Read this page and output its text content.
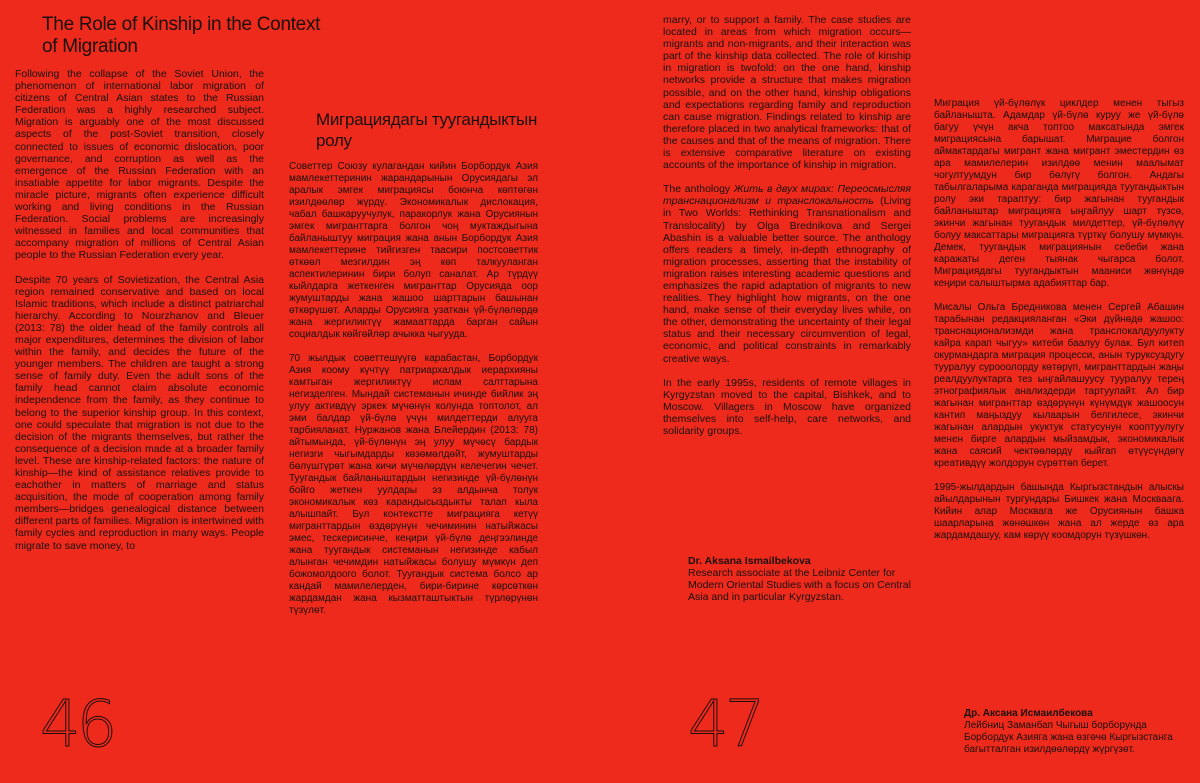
The Role of Kinship in the Context of Migration
Миграциядагы туугандыктын ролу

Following the collapse of the Soviet Union, the phenomenon of international labor migration of citizens of Central Asian states to the Russian Federation was a highly researched subject. Migration is arguably one of the most discussed aspects of the post-Soviet transition, closely connected to issues of economic dislocation, poor governance, and corruption as well as the emergence of the Russian Federation with an insatiable appetite for labor migrants. Despite the miracle picture, migrants often experience difficult working and living conditions in the Russian Federation. Social problems are increasingly witnessed in families and local communities that accompany migration of millions of Central Asian people to the Russian Federation every year.

Despite 70 years of Sovietization, the Central Asia region remained conservative and based on local Islamic traditions, which include a distinct patriarchal hierarchy. According to Nourzhanov and Bleuer (2013: 78) the older head of the family controls all major expenditures, determines the division of labor within the family, and decides the future of the younger members. The children are taught a strong sense of family duty. Even the adult sons of the family head cannot claim absolute economic independence from the family, as they continue to belong to the superior kinship group. In this context, one could speculate that migration is not due to the decision of the migrants themselves, but rather the consequence of a decision made at a broader family level. These are kinship-related factors: the nature of kinship—the kind of assistance relatives provide to eachother in matters of marriage and status acquisition, the mode of cooperation among family members—bridges genealogical distance between different parts of families. Migration is intertwined with family cycles and reproduction in many ways. People migrate to save money, to

Советтер Союзу кулагандан кийин Борбордук Азия мамлекеттеринин жарандарынын Орусиядагы эл аралык эмгек миграциясы боюнча көптөгөн изилдөөлөр жүрдү. Экономикалык дислокация, чабал башкаруучулук, паракорлук жана Орусиянын эмгек мигранттарга болгон чоң муктаждыгына байланыштуу миграция жана анын Борбордук Азия мамлекеттерине тийгизген таасири постсоветтик өткөөл мезгилдин эң көп талкууланган аспектилеринин бири болуп саналат. Ар түрдүү кыйлдарга жеткенген мигранттар Орусияда оор жумуштарды жана жашоо шарттарын башынан өткөрүшөт. Аларды Орусияга узаткан үй-бүлөлөрдө жана жергиликтүү жамааттарда барган сайын социалдык көйгөйлөр ачыкка чыгууда.

70 жылдык советтешүүгө карабастан, Борбордук Азия коому күчтүү патриархалдык иерархияны камтыган жергиликтүү ислам салттарына негизделген. Мындай системанын ичинде бийлик эң улуу активдүү эркек мүчөнүн колунда топтолот, ал эми балдар үй-бүлө үчүн милдеттерди алууга тарбияланат. Нуржанов жана Блейердин (2013: 78) айтымында, үй-бүлөнүн эң улуу мүчөсү бардык негизги чыгымдарды көзөмөлдөйт, жумуштарды бөлүштүрөт жана кичи мүчөлөрдүн келечегин чечет. Туугандык байланыштардын негизинде үй-бүлөнүн бойго жеткен уулдары эз алдынча толук экономикалык көз карандысыздыкты талап кыла алышпайт. Бул контекстте миграцияга кетүү мигранттардын өздөрүнүн чечиминин натыйжасы эмес, тескерисинче, кеңири үй-бүлө деңгээлинде жана туугандык системанын негизинде кабыл алынган чечимдин натыйжасы болушу мүмкүн деп божомолдоого болот. Туугандык система болсо ар кандай мамилелерден, бири-бирине көрсөткөн жардамдан жана кызматташтыктын түрлөрүнөн түзүлөт.

46

marry, or to support a family. The case studies are located in areas from which migration occurs—migrants and non-migrants, and their interaction was part of the kinship data collected. The role of kinship in migration is twofold: on the one hand, kinship networks provide a structure that makes migration possible, and on the other hand, kinship obligations and expectations regarding family and reproduction can cause migration. Findings related to kinship are therefore placed in two analytical frameworks: that of the causes and that of the means of migration. There is extensive comparative literature on existing accounts of the importance of kinship in migration.

The anthology Жить в двух мирах: Переосмысляя транснационализм и транслокальность (Living in Two Worlds: Rethinking Transnationalism and Translocality) by Olga Brednikova and Sergei Abashin is a valuable better source. The anthology offers readers a timely, in-depth ethnography of migration processes, asserting that the instability of migration raises interesting academic questions and emphasizes the rapid adaptation of migrants to new realities. They highlight how migrants, on the one hand, make sense of their everyday lives while, on the other, demonstrating the uncertainty of their legal status and their necessary circumvention of legal, economic, and political constraints in remarkably creative ways.

In the early 1995s, residents of remote villages in Kyrgyzstan moved to the capital, Bishkek, and to Moscow. Villagers in Moscow have organized themselves into self-help, care networks, and solidarity groups.

Dr. Aksana Ismailbekova
Research associate at the Leibniz Center for Modern Oriental Studies with a focus on Central Asia and in particular Kyrgyzstan.

Миграция үй-бүлөлүк циклдер менен тыгыз байланышта. Адамдар үй-бүлө куруу же үй-бүлө багуу үчүн акча топтоо максатында эмгек миграциясына барышат. Миграцие болгон аймактардагы мигрант жана мигрант эместердин өз ара мамилелерин изилдөө менин маалымат чогултуумдун бир бөлүгү болгон. Андагы табылгаларыма караганда миграцияда туугандыктын ролу эки тараптуу: бир жагынан туугандык байланыштар миграцияга ыңгайлуу шарт түзсө, экинчи жагынан туугандык милдеттер, үй-бүлөлүү болуу максаттары миграцияга түрткү болушу мүмкүн. Демек, туугандык миграциянын себеби жана каражаты деген тыянак чыгарса болот. Миграциядагы туугандыктын мааниси жөнүндө кеңири салыштырма адабияттар бар.

Мисалы Ольга Бредникова менен Сергей Абашин тарабынан редакцияланган «Эки дүйнөдө жашоо: транснационализмди жана транслокалдуулукту кайра карап чыгуу» китеби баалуу булак. Бул китеп окурмандарга миграция процесси, анын туруксуздугу тууралуу сурооолорду көтөрүп, мигранттардын жаңы реалдуулуктарга тез ыңгайлашуусу тууралуу терең этнографиялык анализдерди тартуулайт. Ал бир жагынан мигранттар өздөрүнүн күнүмдүк жашоосун кантип маңыздуу кылаарын белгилесе, экинчи жагынан алардын укуктук статусунун кооптуулугу менен бирге алардын мыйзамдык, экономикалык жана саясий чектөөлөрдү кыйгап өтүүсүндөгү креативдүү жолдорун сүрөттөп берет.

1995-жылдардын башында Кыргызстандын алыскы айылдарынын тургундары Бишкек жана Москваага. Кийин алар Москвага же Орусиянын башка шаарларына жөнөшкөн жана ал жерде өз ара жардамдашуу, кам көрүү коомдорун түзүшкөн.

Др. Аксана Исмаилбекова
Лейбниц Заманбап Чыгыш борборунда Борбордук Азияга жана өзгөчө Кыргызстанга багытталган изилдөөлөрдү жүргүзөт.
47
